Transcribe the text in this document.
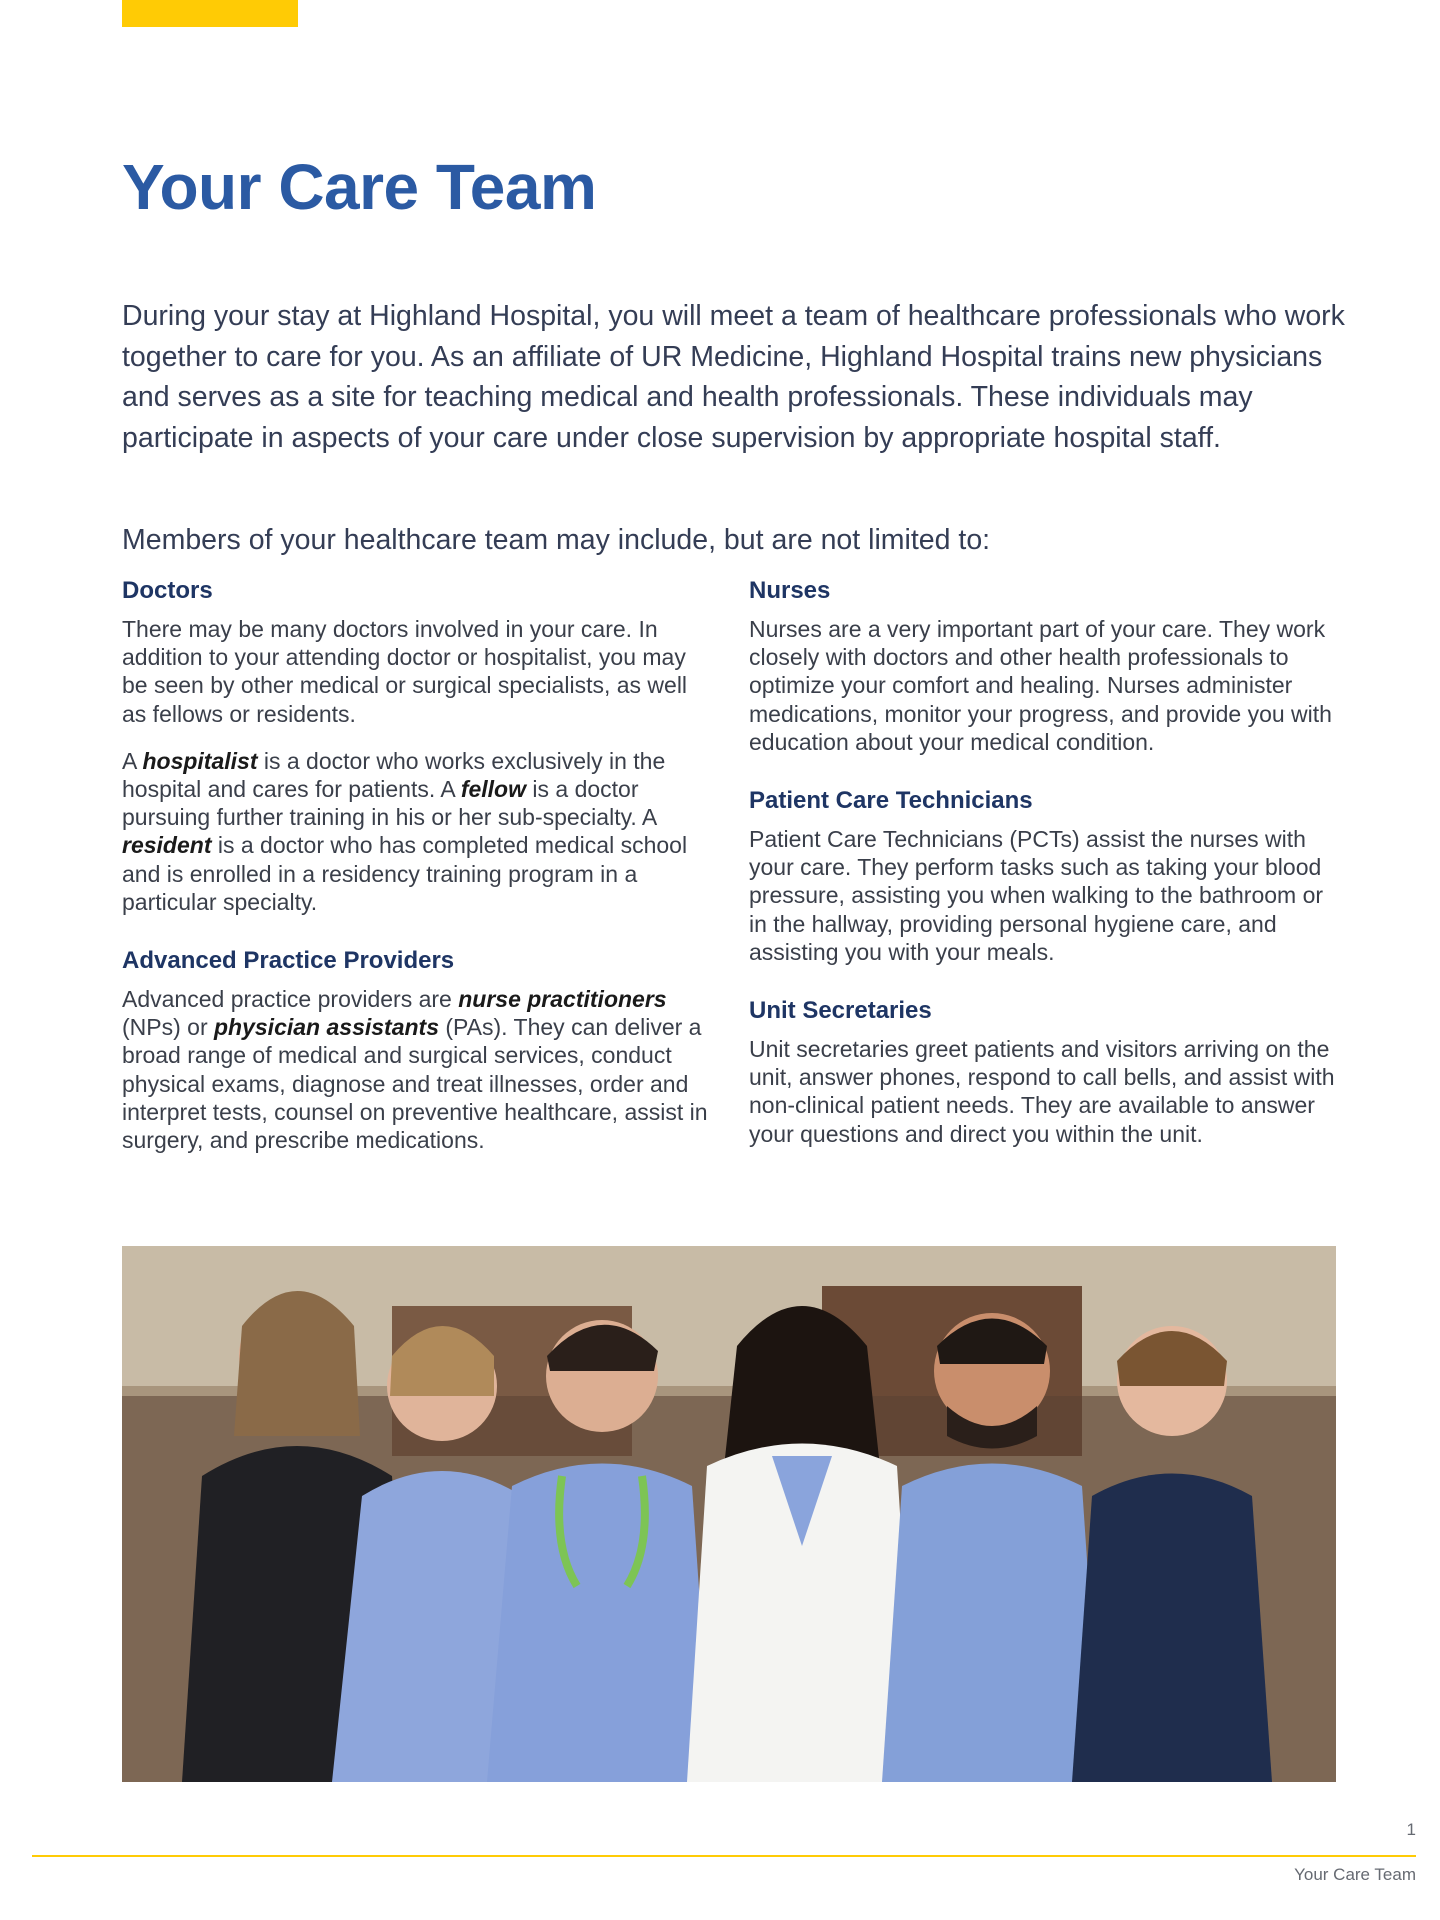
Your Care Team

During your stay at Highland Hospital, you will meet a team of healthcare professionals who work together to care for you. As an affiliate of UR Medicine, Highland Hospital trains new physicians and serves as a site for teaching medical and health professionals. These individuals may participate in aspects of your care under close supervision by appropriate hospital staff.

Members of your healthcare team may include, but are not limited to:

Doctors

There may be many doctors involved in your care. In addition to your attending doctor or hospitalist, you may be seen by other medical or surgical specialists, as well as fellows or residents.

A hospitalist is a doctor who works exclusively in the hospital and cares for patients. A fellow is a doctor pursuing further training in his or her sub-specialty. A resident is a doctor who has completed medical school and is enrolled in a residency training program in a particular specialty.

Advanced Practice Providers

Advanced practice providers are nurse practitioners (NPs) or physician assistants (PAs). They can deliver a broad range of medical and surgical services, conduct physical exams, diagnose and treat illnesses, order and interpret tests, counsel on preventive healthcare, assist in surgery, and prescribe medications.

Nurses

Nurses are a very important part of your care. They work closely with doctors and other health professionals to optimize your comfort and healing. Nurses administer medications, monitor your progress, and provide you with education about your medical condition.

Patient Care Technicians

Patient Care Technicians (PCTs) assist the nurses with your care. They perform tasks such as taking your blood pressure, assisting you when walking to the bathroom or in the hallway, providing personal hygiene care, and assisting you with your meals.

Unit Secretaries

Unit secretaries greet patients and visitors arriving on the unit, answer phones, respond to call bells, and assist with non-clinical patient needs. They are available to answer your questions and direct you within the unit.

1
Your Care Team
